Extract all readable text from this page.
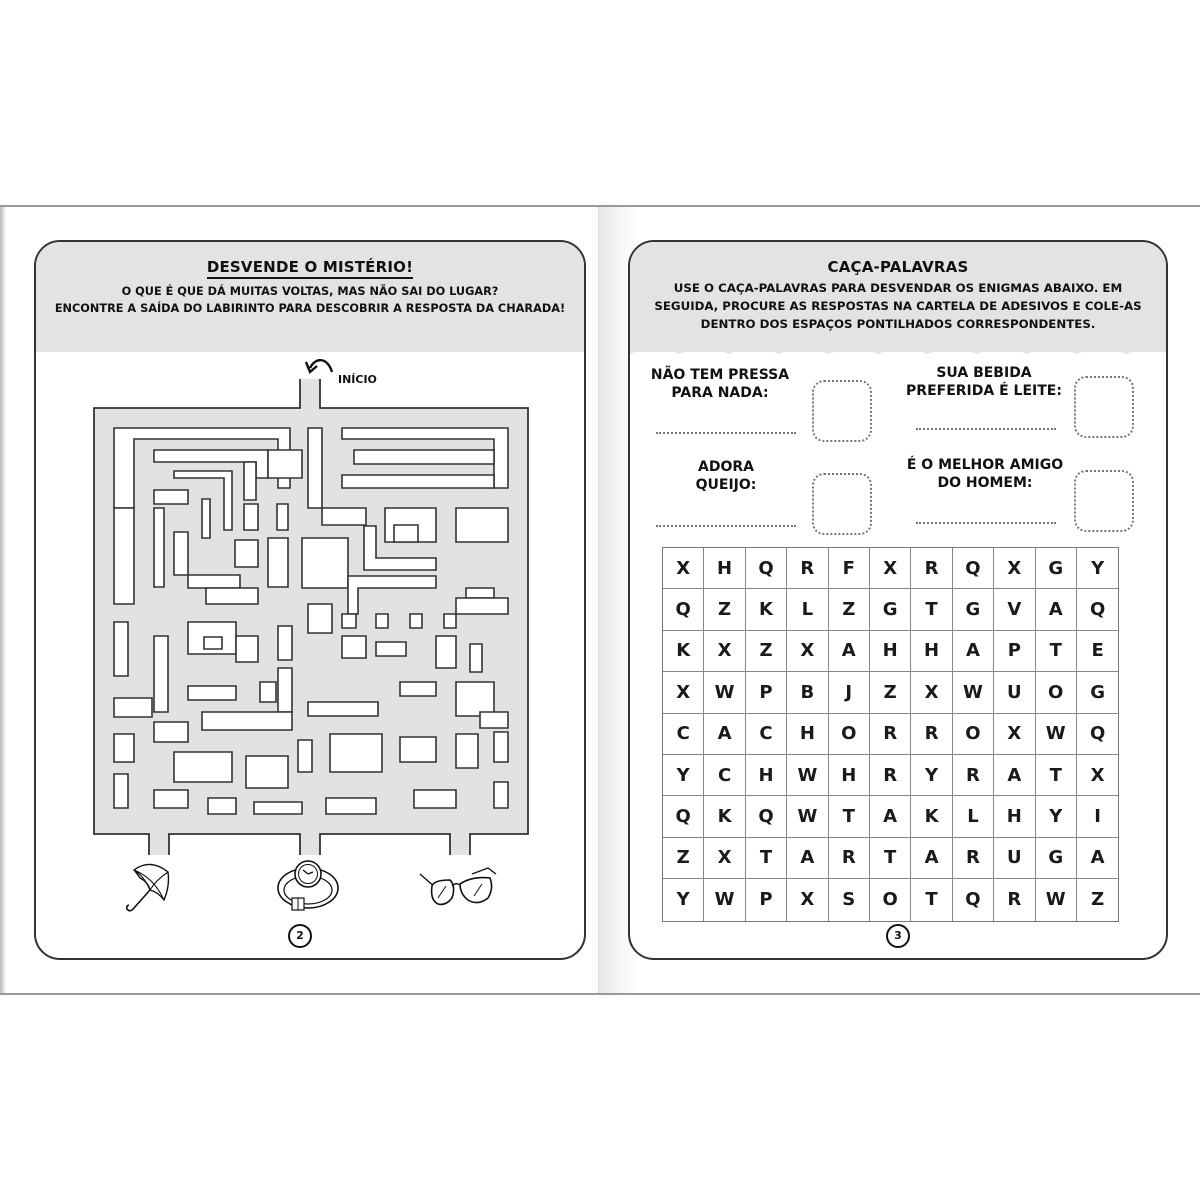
DESVENDE O MISTÉRIO!
O QUE É QUE DÁ MUITAS VOLTAS, MAS NÃO SAI DO LUGAR?
ENCONTRE A SAÍDA DO LABIRINTO PARA DESCOBRIR A RESPOSTA DA CHARADA!
INÍCIO
2
CAÇA-PALAVRAS
USE O CAÇA-PALAVRAS PARA DESVENDAR OS ENIGMAS ABAIXO. EM
SEGUIDA, PROCURE AS RESPOSTAS NA CARTELA DE ADESIVOS E COLE-AS
DENTRO DOS ESPAÇOS PONTILHADOS CORRESPONDENTES.
NÃO TEM PRESSA
PARA NADA:
SUA BEBIDA
PREFERIDA É LEITE:
ADORA
QUEIJO:
É O MELHOR AMIGO
DO HOMEM:
X	H	Q	R	F	X	R	Q	X	G	Y
Q	Z	K	L	Z	G	T	G	V	A	Q
K	X	Z	X	A	H	H	A	P	T	E
X	W	P	B	J	Z	X	W	U	O	G
C	A	C	H	O	R	R	O	X	W	Q
Y	C	H	W	H	R	Y	R	A	T	X
Q	K	Q	W	T	A	K	L	H	Y	I
Z	X	T	A	R	T	A	R	U	G	A
Y	W	P	X	S	O	T	Q	R	W	Z
3
